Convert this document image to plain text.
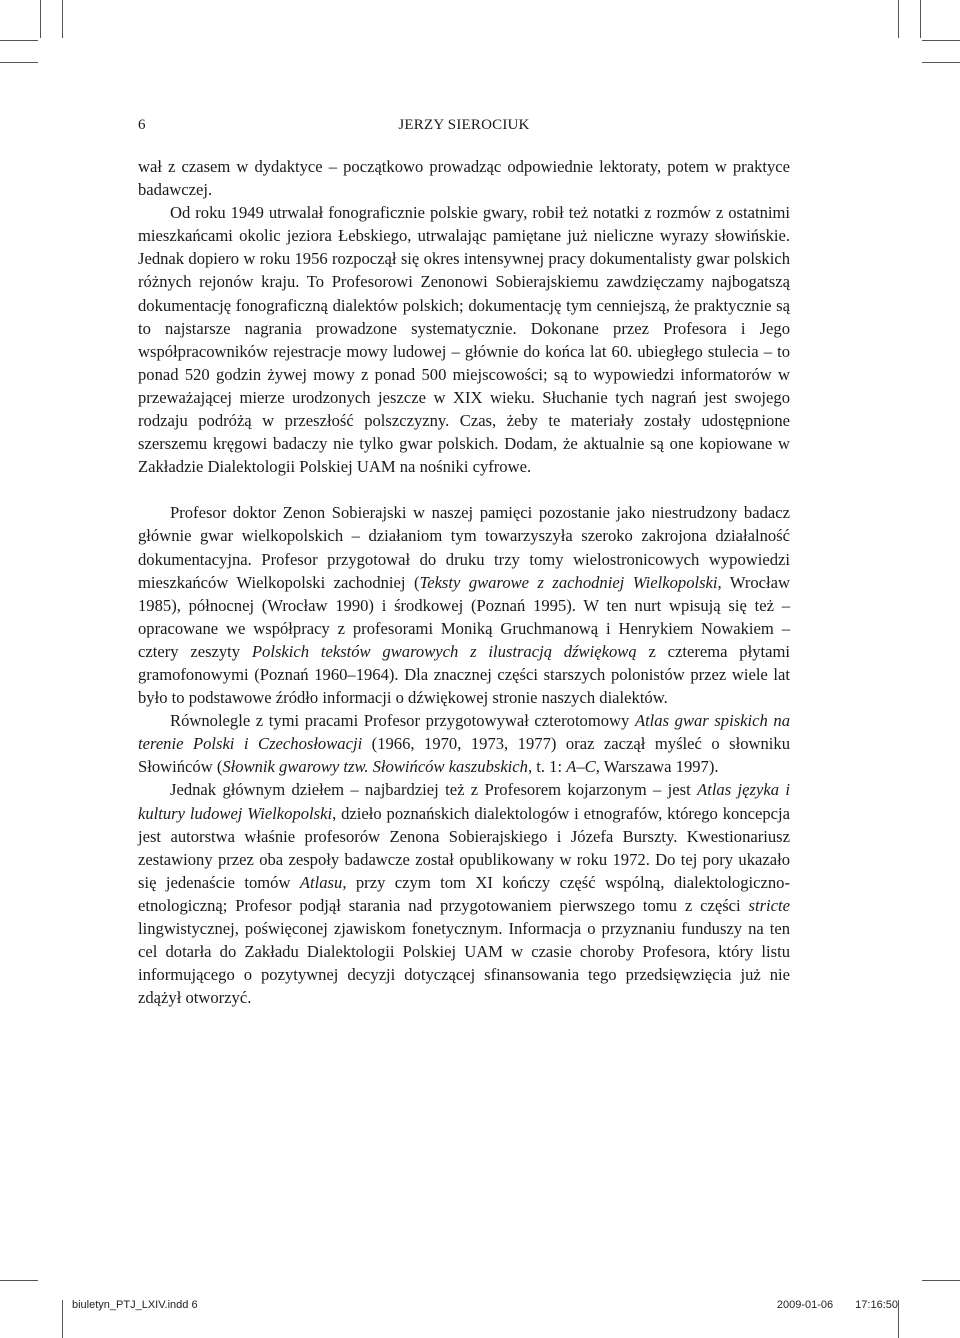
6	JERZY SIEROCIUK

wał z czasem w dydaktyce – początkowo prowadząc odpowiednie lektoraty, potem w praktyce badawczej.

Od roku 1949 utrwalał fonograficznie polskie gwary, robił też notatki z rozmów z ostatnimi mieszkańcami okolic jeziora Łebskiego, utrwalając pamiętane już nieliczne wyrazy słowińskie. Jednak dopiero w roku 1956 rozpoczął się okres intensywnej pracy dokumentalisty gwar polskich różnych rejonów kraju. To Profesorowi Zenonowi Sobierajskiemu zawdzięczamy najbogatszą dokumentację fonograficzną dialektów polskich; dokumentację tym cenniejszą, że praktycznie są to najstarsze nagrania prowadzone systematycznie. Dokonane przez Profesora i Jego współpracowników rejestracje mowy ludowej – głównie do końca lat 60. ubiegłego stulecia – to ponad 520 godzin żywej mowy z ponad 500 miejscowości; są to wypowiedzi informatorów w przeważającej mierze urodzonych jeszcze w XIX wieku. Słuchanie tych nagrań jest swojego rodzaju podróżą w przeszłość polszczyzny. Czas, żeby te materiały zostały udostępnione szerszemu kręgowi badaczy nie tylko gwar polskich. Dodam, że aktualnie są one kopiowane w Zakładzie Dialektologii Polskiej UAM na nośniki cyfrowe.

Profesor doktor Zenon Sobierajski w naszej pamięci pozostanie jako niestrudzony badacz głównie gwar wielkopolskich – działaniom tym towarzyszyła szeroko zakrojona działalność dokumentacyjna. Profesor przygotował do druku trzy tomy wielostronicowych wypowiedzi mieszkańców Wielkopolski zachodniej (Teksty gwarowe z zachodniej Wielkopolski, Wrocław 1985), północnej (Wrocław 1990) i środkowej (Poznań 1995). W ten nurt wpisują się też – opracowane we współpracy z profesorami Moniką Gruchmanową i Henrykiem Nowakiem – cztery zeszyty Polskich tekstów gwarowych z ilustracją dźwiękową z czterema płytami gramofonowymi (Poznań 1960–1964). Dla znacznej części starszych polonistów przez wiele lat było to podstawowe źródło informacji o dźwiękowej stronie naszych dialektów.

Równolegle z tymi pracami Profesor przygotowywał czterotomowy Atlas gwar spiskich na terenie Polski i Czechosłowacji (1966, 1970, 1973, 1977) oraz zaczął myśleć o słowniku Słowińców (Słownik gwarowy tzw. Słowińców kaszubskich, t. 1: A–C, Warszawa 1997).

Jednak głównym dziełem – najbardziej też z Profesorem kojarzonym – jest Atlas języka i kultury ludowej Wielkopolski, dzieło poznańskich dialektologów i etnografów, którego koncepcja jest autorstwa właśnie profesorów Zenona Sobierajskiego i Józefa Burszty. Kwestionariusz zestawiony przez oba zespoły badawcze został opublikowany w roku 1972. Do tej pory ukazało się jedenaście tomów Atlasu, przy czym tom XI kończy część wspólną, dialektologiczno-etnologiczną; Profesor podjął starania nad przygotowaniem pierwszego tomu z części stricte lingwistycznej, poświęconej zjawiskom fonetycznym. Informacja o przyznaniu funduszy na ten cel dotarła do Zakładu Dialektologii Polskiej UAM w czasie choroby Profesora, który listu informującego o pozytywnej decyzji dotyczącej sfinansowania tego przedsięwzięcia już nie zdążył otworzyć.

biuletyn_PTJ_LXIV.indd 6	2009-01-06 17:16:50
